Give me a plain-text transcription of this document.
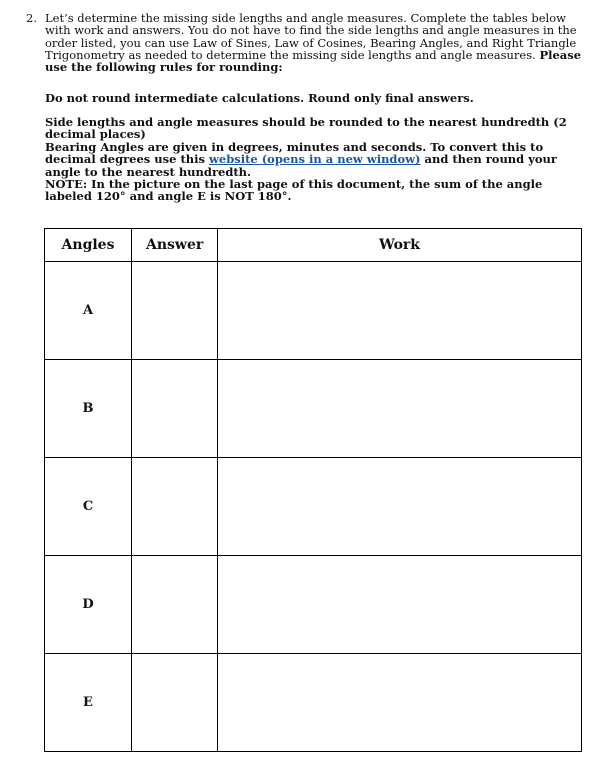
2. Let’s determine the missing side lengths and angle measures. Complete the tables below with work and answers. You do not have to find the side lengths and angle measures in the order listed, you can use Law of Sines, Law of Cosines, Bearing Angles, and Right Triangle Trigonometry as needed to determine the missing side lengths and angle measures. Please use the following rules for rounding:
Do not round intermediate calculations. Round only final answers.
Side lengths and angle measures should be rounded to the nearest hundredth (2 decimal places)
Bearing Angles are given in degrees, minutes and seconds. To convert this to decimal degrees use this website (opens in a new window) and then round your angle to the nearest hundredth.
NOTE: In the picture on the last page of this document, the sum of the angle labeled 120° and angle E is NOT 180°.
Angles	Answer	Work
A		
B		
C		
D		
E		
